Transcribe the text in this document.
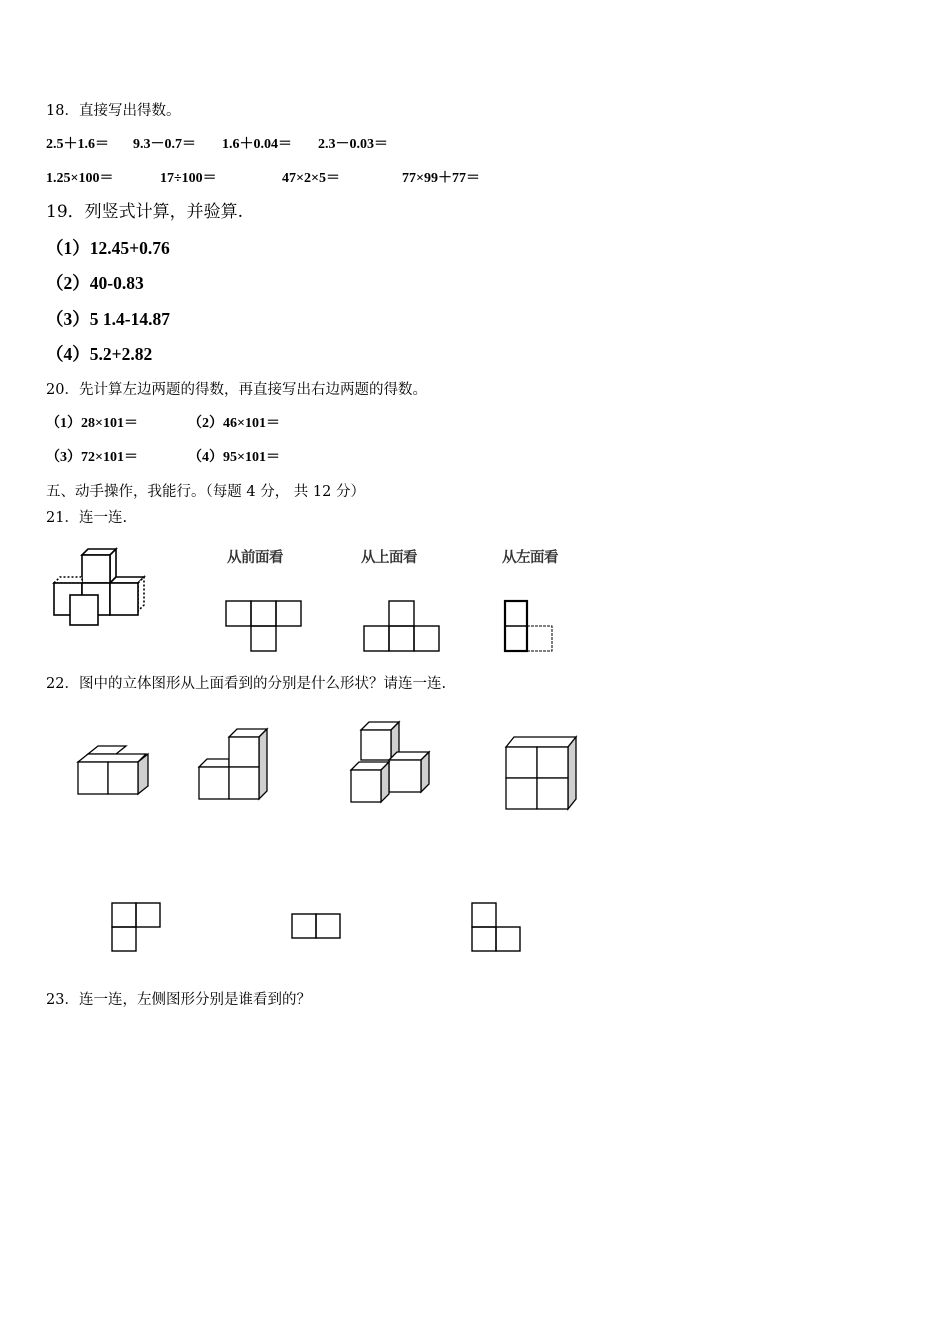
18．直接写出得数。
2.5＋1.6＝ 9.3－0.7＝ 1.6＋0.04＝ 2.3－0.03＝
1.25×100＝	17÷100＝	47×2×5＝	77×99＋77＝
19．列竖式计算，并验算.
（1）12.45+0.76
（2）40-0.83
（3）5 1.4-14.87
（4）5.2+2.82
20．先计算左边两题的得数，再直接写出右边两题的得数。
（1）28×101＝	（2）46×101＝
（3）72×101＝	（4）95×101＝
五、动手操作，我能行。（每题 4 分， 共 12 分）
21．连一连.
从前面看	从上面看	从左面看
22．图中的立体图形从上面看到的分别是什么形状？请连一连.
23．连一连，左侧图形分别是谁看到的？
